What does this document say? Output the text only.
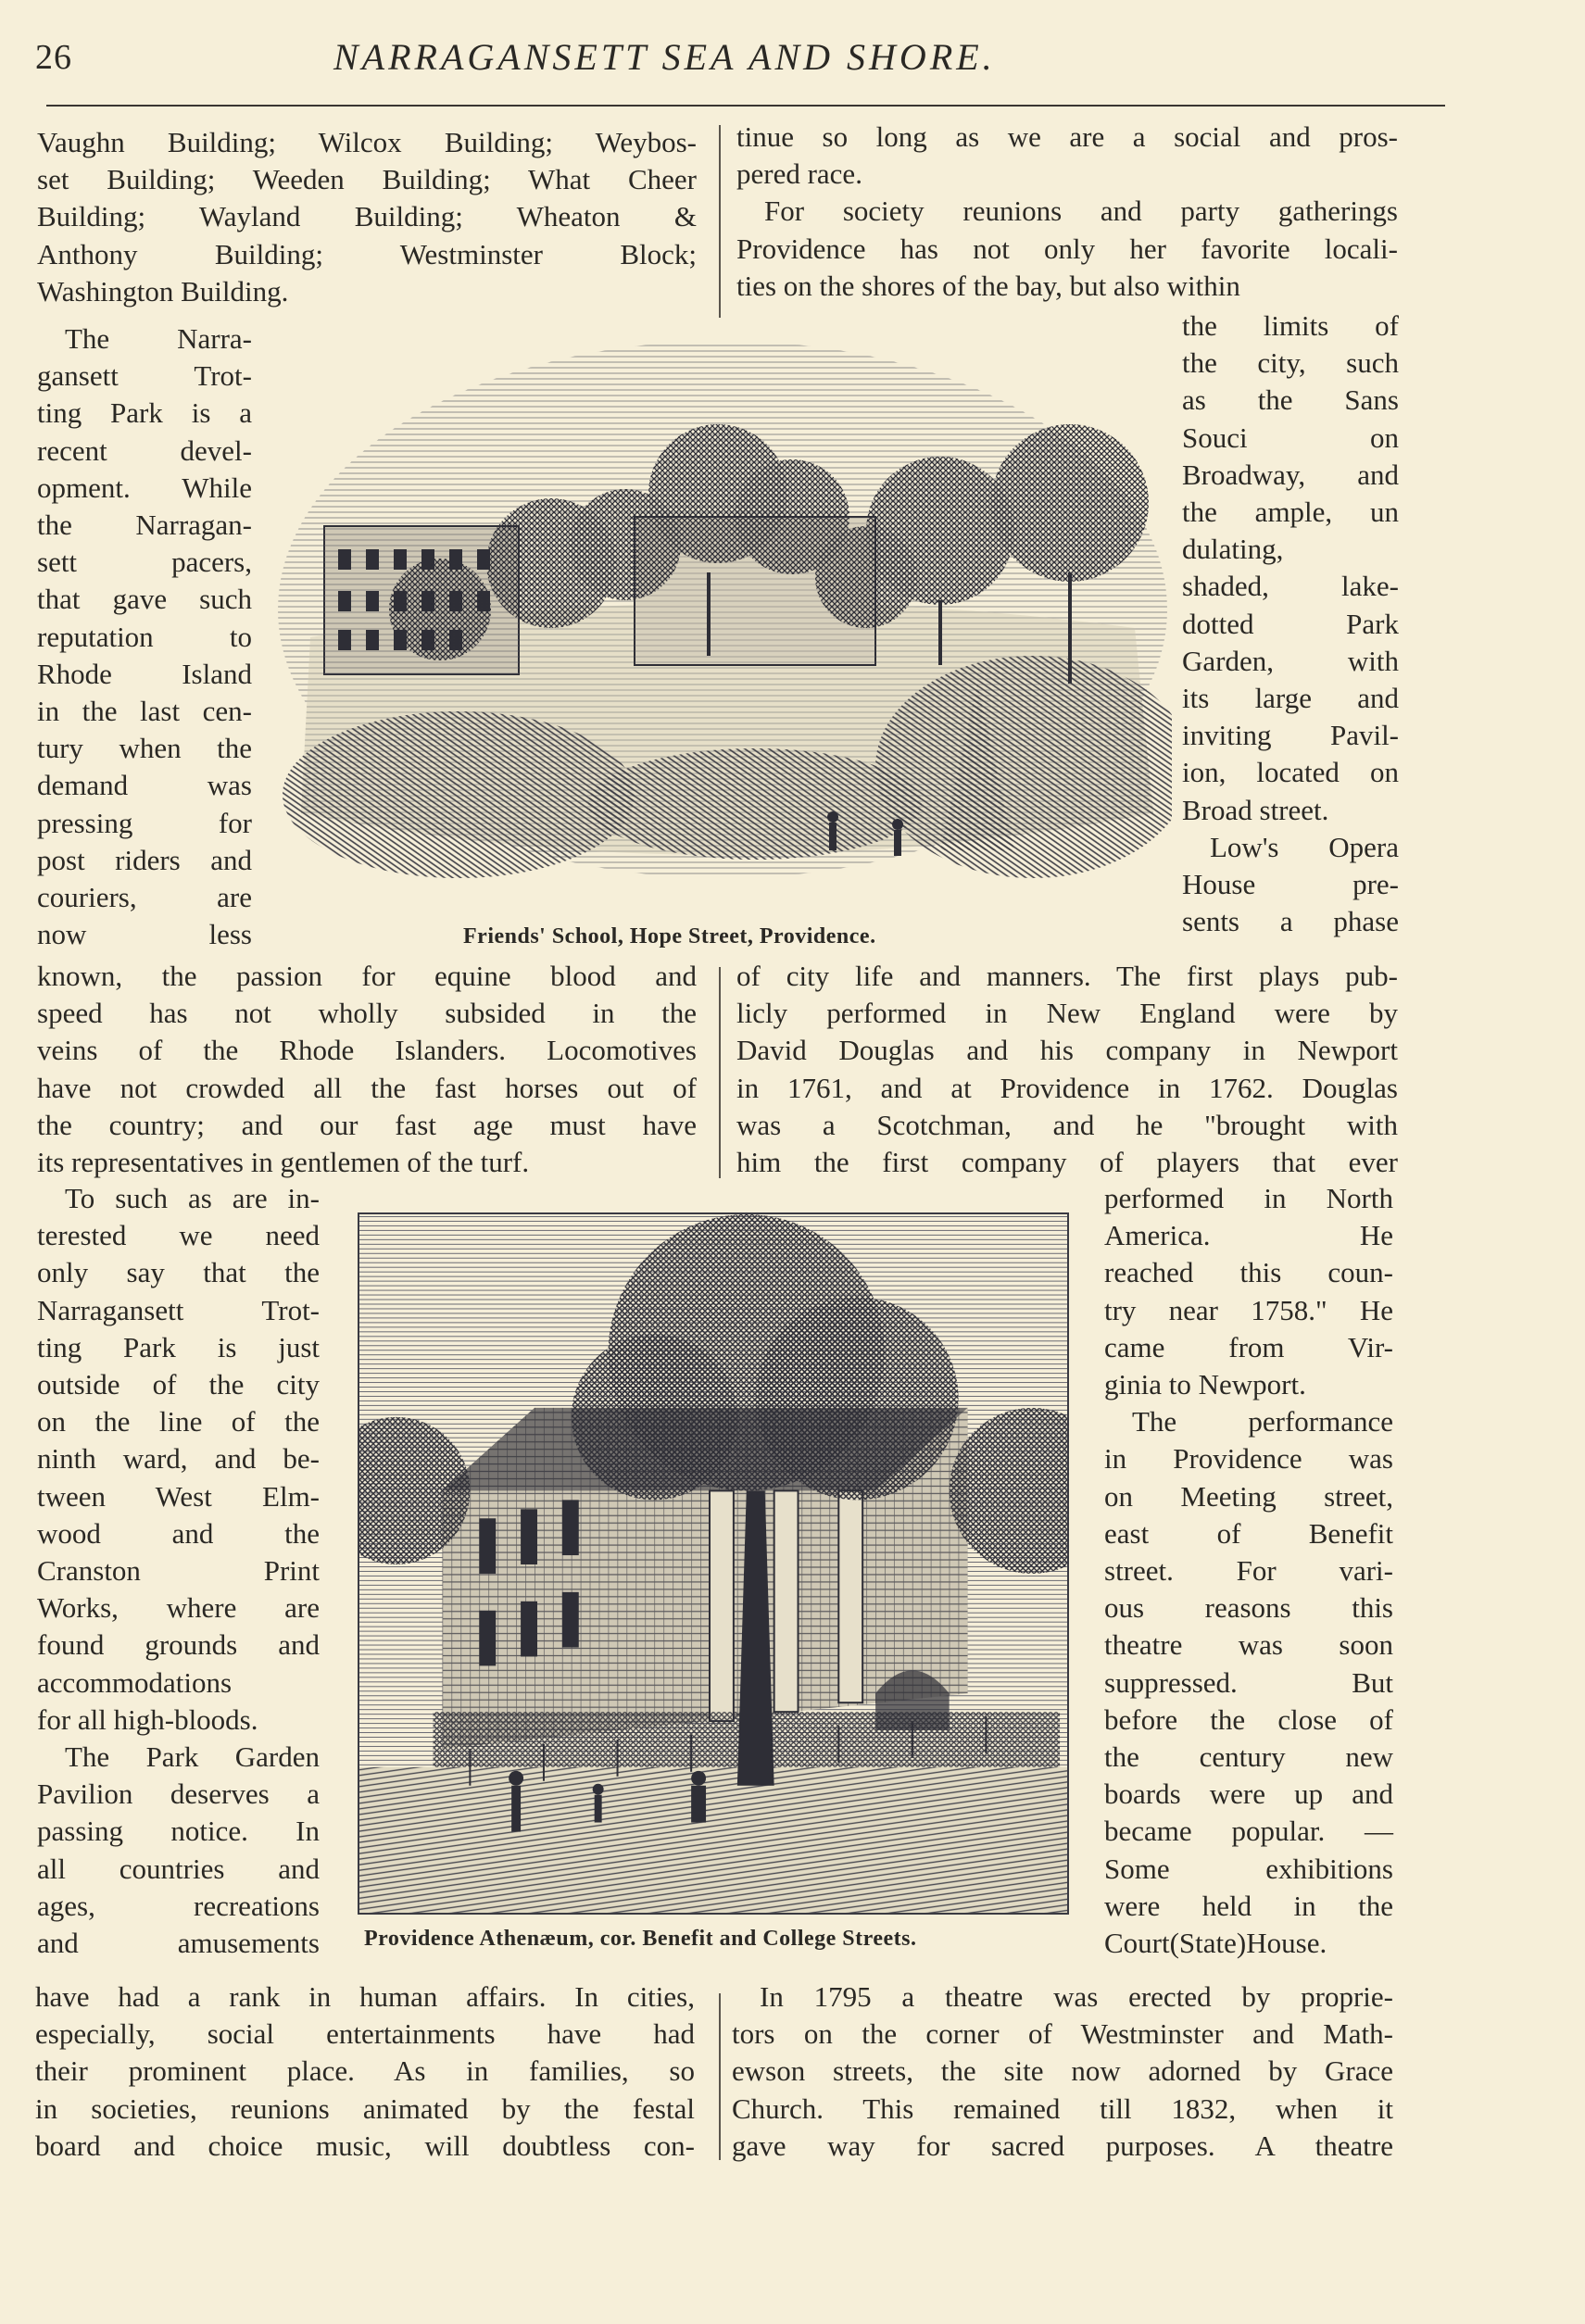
26	NARRAGANSETT SEA AND SHORE.
Vaughn Building; Wilcox Building; Weybos-
set Building; Weeden Building; What Cheer
Building; Wayland Building; Wheaton &
Anthony Building; Westminster Block;
Washington Building.
tinue so long as we are a social and pros-
pered race.
For society reunions and party gatherings
Providence has not only her favorite locali-
ties on the shores of the bay, but also within
The Narra-
gansett Trot-
ting Park is a
recent devel-
opment. While
the Narragan-
sett pacers,
that gave such
reputation to
Rhode Island
in the last cen-
tury when the
demand was
pressing for
post riders and
couriers, are
now less
the limits of
the city, such
as the Sans
Souci on
Broadway, and
the ample, un
dulating,
shaded, lake-
dotted Park
Garden, with
its large and
inviting Pavil-
ion, located on
Broad street.
Low's Opera
House pre-
sents a phase
Friends' School, Hope Street, Providence.
known, the passion for equine blood and
speed has not wholly subsided in the
veins of the Rhode Islanders. Locomotives
have not crowded all the fast horses out of
the country; and our fast age must have
its representatives in gentlemen of the turf.
of city life and manners. The first plays pub-
licly performed in New England were by
David Douglas and his company in Newport
in 1761, and at Providence in 1762. Douglas
was a Scotchman, and he "brought with
him the first company of players that ever
To such as are in-
terested we need
only say that the
Narragansett Trot-
ting Park is just
outside of the city
on the line of the
ninth ward, and be-
tween West Elm-
wood and the
Cranston Print
Works, where are
found grounds and
accommodations
for all high-bloods.
The Park Garden
Pavilion deserves a
passing notice. In
all countries and
ages, recreations
and amusements
performed in North
America. He
reached this coun-
try near 1758." He
came from Vir-
ginia to Newport.
The performance
in Providence was
on Meeting street,
east of Benefit
street. For vari-
ous reasons this
theatre was soon
suppressed. But
before the close of
the century new
boards were up and
became popular. —
Some exhibitions
were held in the
Court(State)House.
Providence Athenæum, cor. Benefit and College Streets.
have had a rank in human affairs. In cities,
especially, social entertainments have had
their prominent place. As in families, so
in societies, reunions animated by the festal
board and choice music, will doubtless con-
In 1795 a theatre was erected by proprie-
tors on the corner of Westminster and Math-
ewson streets, the site now adorned by Grace
Church. This remained till 1832, when it
gave way for sacred purposes. A theatre
